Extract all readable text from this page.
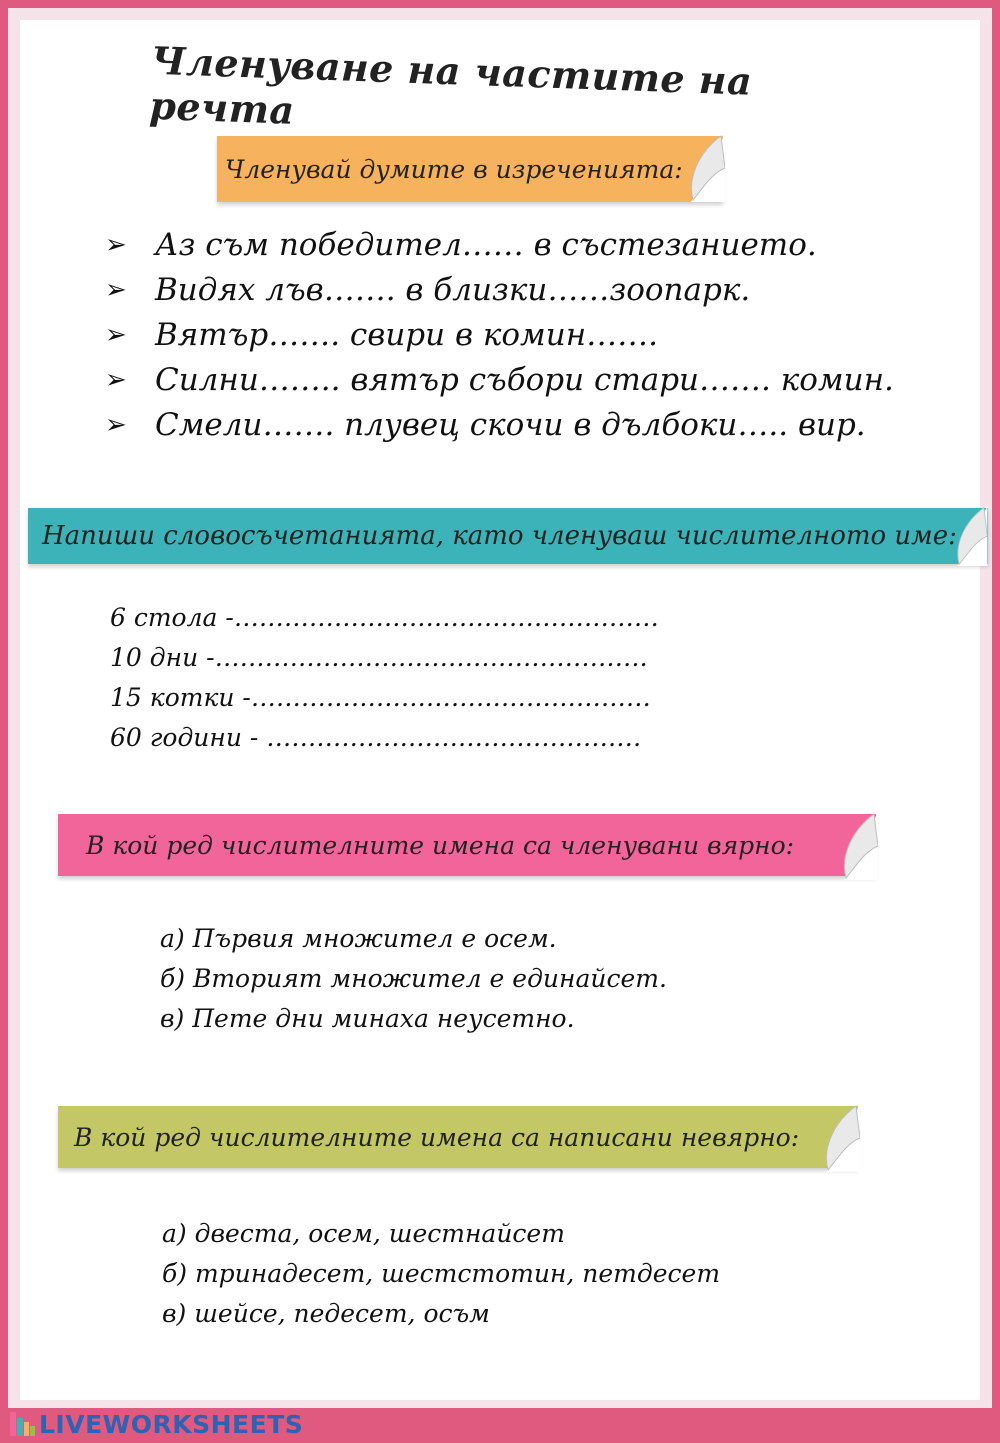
Членуване на частите на речта
Членувай думите в изреченията:
➢ Аз съм победител…… в състезанието.
➢ Видях лъв……. в близки……зоопарк.
➢ Вятър……. свири в комин…….
➢ Силни…….. вятър събори стари……. комин.
➢ Смели……. плувец скочи в дълбоки….. вир.
Напиши словосъчетанията, като членуваш числителното име:
6 стола -……………………………………………
10 дни -…………………………………………….
15 котки -…………………………………………
60 години - ………………………………………
В кой ред числителните имена са членувани вярно:
а) Първия множител е осем.
б) Вторият множител е единайсет.
в) Пете дни минаха неусетно.
В кой ред числителните имена са написани невярно:
а) двеста, осем, шестнайсет
б) тринадесет, шестстотин, петдесет
в) шейсе, педесет, осъм
LIVEWORKSHEETS
